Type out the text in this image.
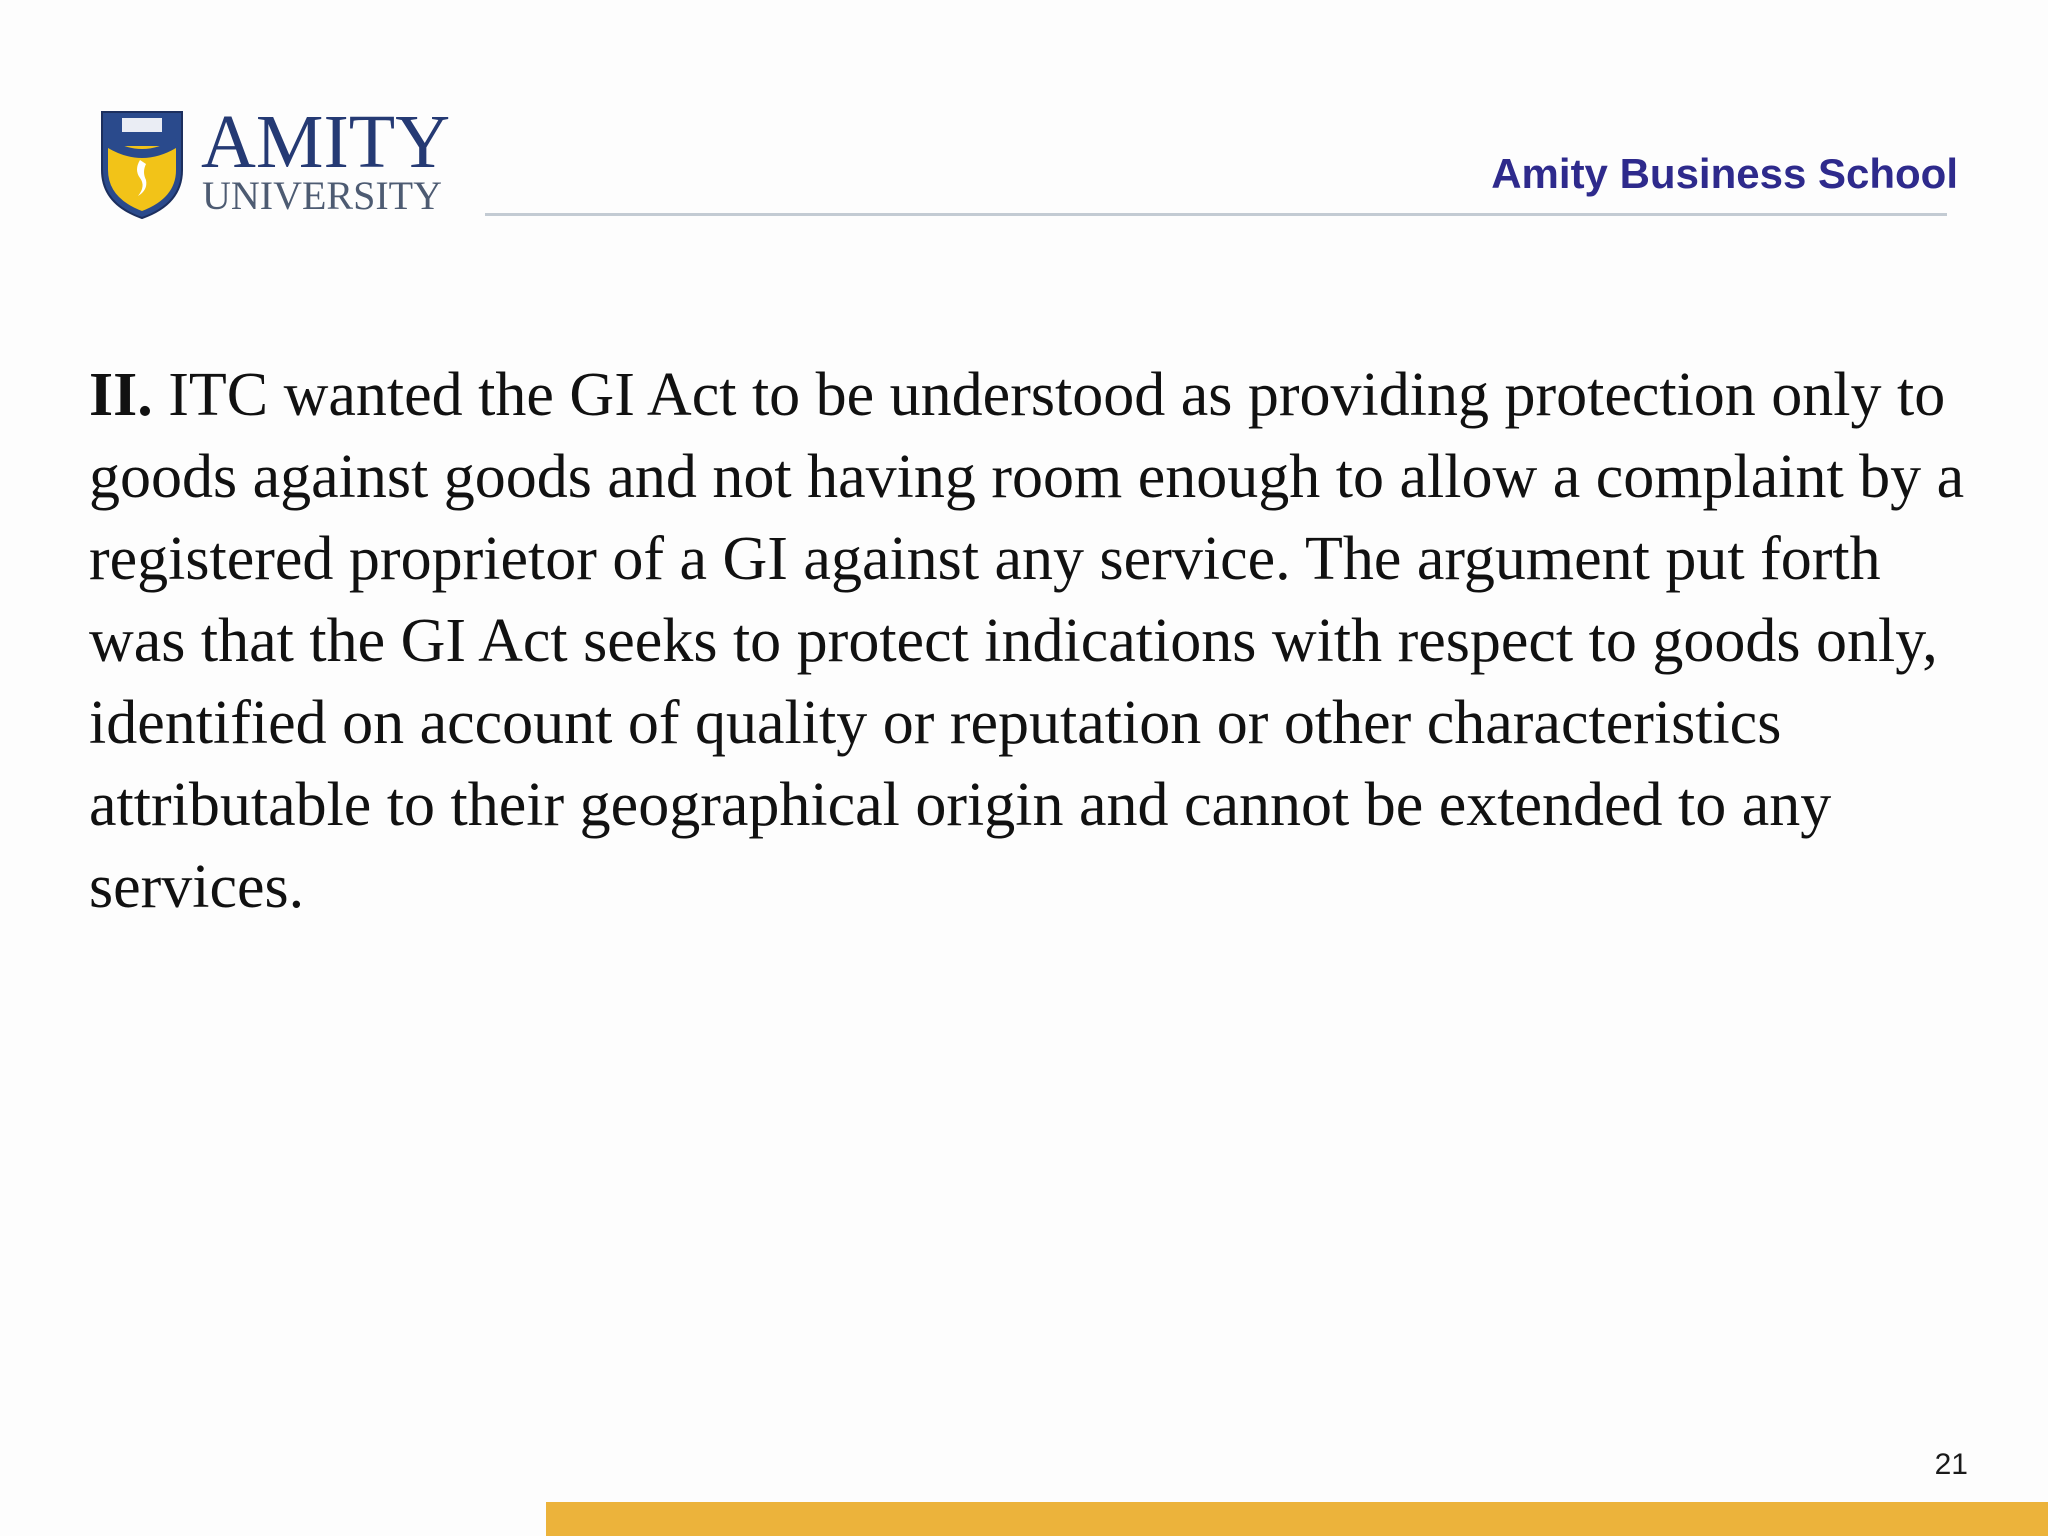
AMITY
UNIVERSITY	Amity Business School

II. ITC wanted the GI Act to be understood as providing protection only to goods against goods and not having room enough to allow a complaint by a registered proprietor of a GI against any service. The argument put forth was that the GI Act seeks to protect indications with respect to goods only, identified on account of quality or reputation or other characteristics attributable to their geographical origin and cannot be extended to any services.

21
